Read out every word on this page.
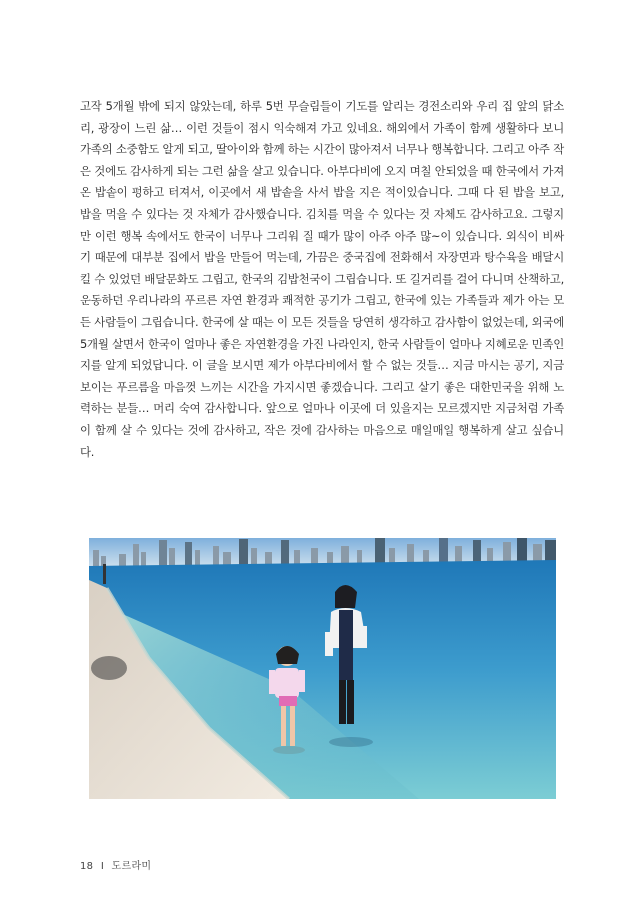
고작 5개월 밖에 되지 않았는데, 하루 5번 무슬림들이 기도를 알리는 경전소리와 우리 집 앞의 닭소리, 광장이 느린 삶… 이런 것들이 점시 익숙해져 가고 있네요. 해외에서 가족이 함께 생활하다 보니 가족의 소중함도 알게 되고, 딸아이와 함께 하는 시간이 많아져서 너무나 행복합니다. 그리고 아주 작은 것에도 감사하게 되는 그런 삶을 살고 있습니다. 아부다비에 오지 며칠 안되었을 때 한국에서 가져온 밥솥이 펑하고 터져서, 이곳에서 새 밥솥을 사서 밥을 지은 적이있습니다. 그때 다 된 밥을 보고, 밥을 먹을 수 있다는 것 자체가 감사했습니다. 김치를 먹을 수 있다는 것 자체도 감사하고요. 그렇지만 이런 행복 속에서도 한국이 너무나 그리워 질 때가 많이 아주 아주 많~이 있습니다. 외식이 비싸기 때문에 대부분 집에서 밥을 만들어 먹는데, 가끔은 중국집에 전화해서 자장면과 탕수육을 배달시킬 수 있었던 배달문화도 그립고, 한국의 김밥천국이 그립습니다. 또 길거리를 걸어 다니며 산책하고, 운동하던 우리나라의 푸르른 자연 환경과 쾌적한 공기가 그립고, 한국에 있는 가족들과 제가 아는 모든 사람들이 그립습니다. 한국에 살 때는 이 모든 것들을 당연히 생각하고 감사함이 없었는데, 외국에 5개월 살면서 한국이 얼마나 좋은 자연환경을 가진 나라인지, 한국 사람들이 얼마나 지혜로운 민족인지를 알게 되었답니다. 이 글을 보시면 제가 아부다비에서 할 수 없는 것들… 지금 마시는 공기, 지금 보이는 푸르름을 마음껏 느끼는 시간을 가지시면 좋겠습니다. 그리고 살기 좋은 대한민국을 위해 노력하는 분들… 머리 숙여 감사합니다. 앞으로 얼마나 이곳에 더 있을지는 모르겠지만 지금처럼 가족이 함께 살 수 있다는 것에 감사하고, 작은 것에 감사하는 마음으로 매일매일 행복하게 살고 싶습니다.

18 I 도르라미
